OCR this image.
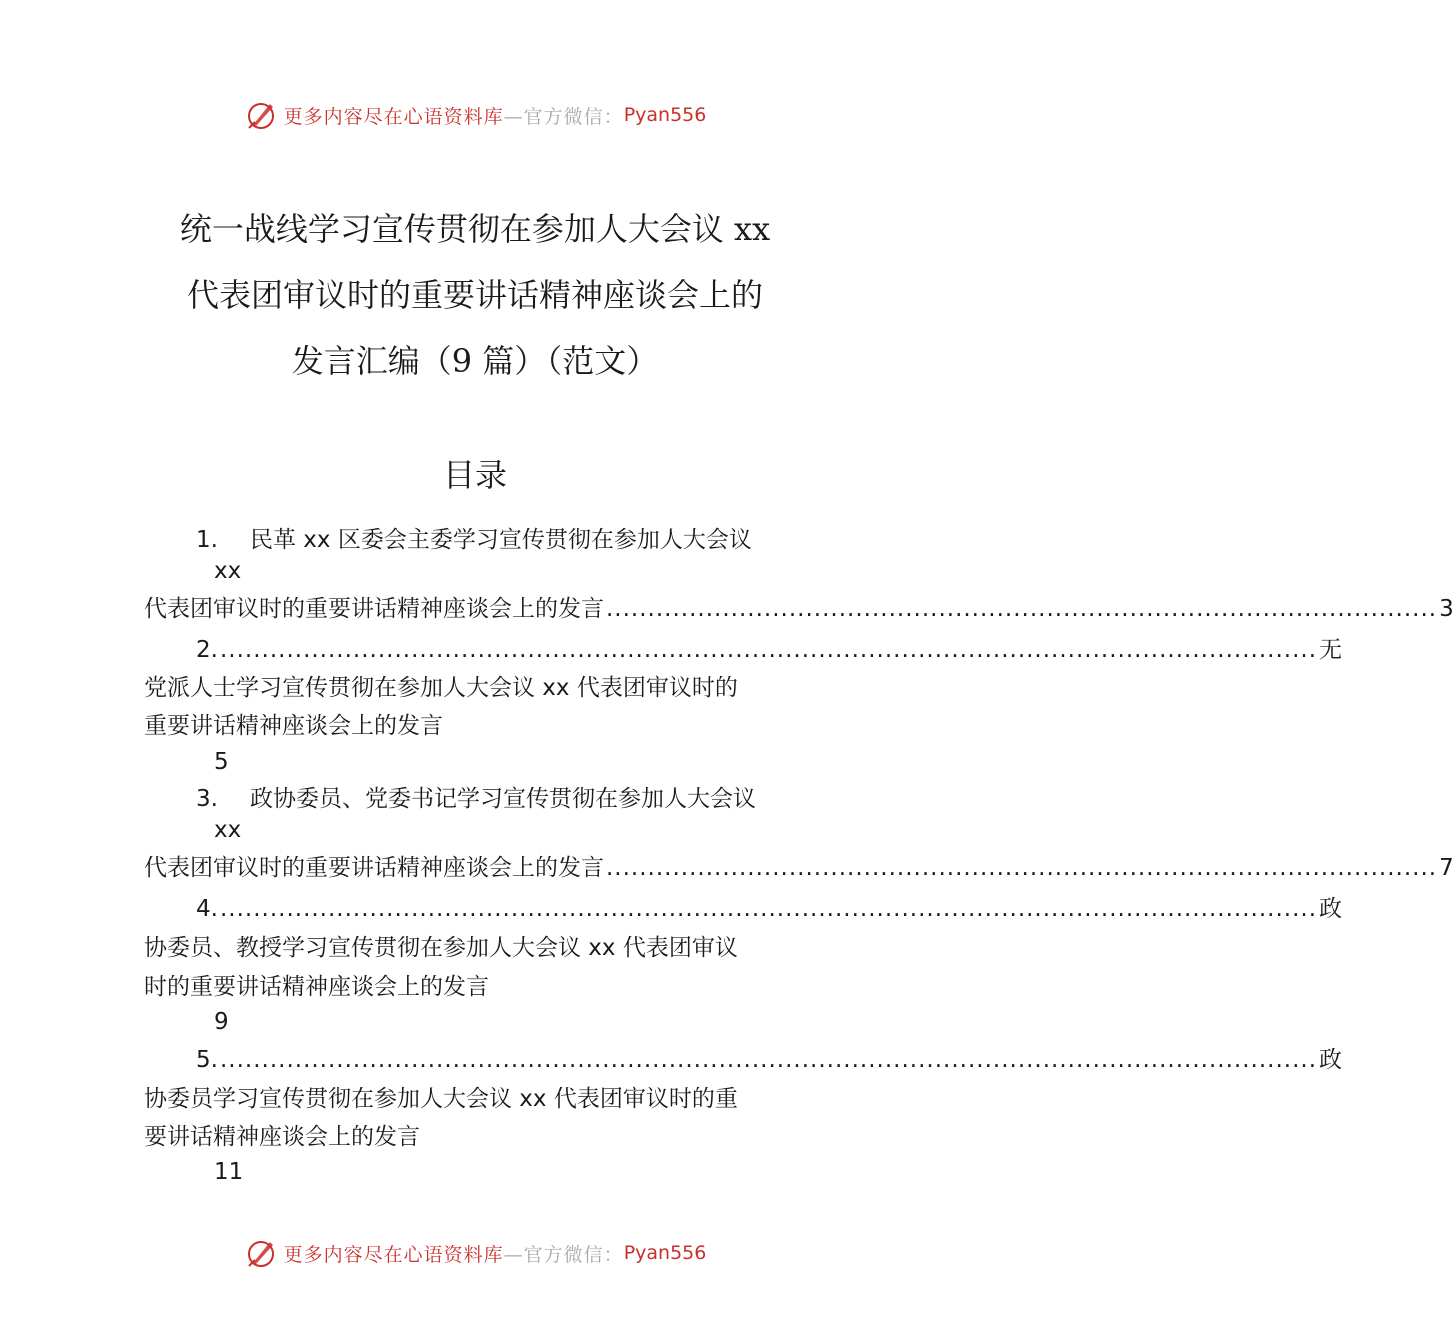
更多内容尽在心语资料库 —官方微信： Pyan556
统一战线学习宣传贯彻在参加人大会议 xx
代表团审议时的重要讲话精神座谈会上的
发言汇编（9 篇）（范文）
目录
1. 民革 xx 区委会主委学习宣传贯彻在参加人大会议
xx
代表团审议时的重要讲话精神座谈会上的发言 .................................................................................................... 3
2. .................................................................................................................................... 无
党派人士学习宣传贯彻在参加人大会议 xx 代表团审议时的
重要讲话精神座谈会上的发言
5
3. 政协委员、党委书记学习宣传贯彻在参加人大会议
xx
代表团审议时的重要讲话精神座谈会上的发言 .................................................................................................... 7
4. .................................................................................................................................... 政
协委员、教授学习宣传贯彻在参加人大会议 xx 代表团审议
时的重要讲话精神座谈会上的发言
9
5. .................................................................................................................................... 政
协委员学习宣传贯彻在参加人大会议 xx 代表团审议时的重
要讲话精神座谈会上的发言
11
更多内容尽在心语资料库 —官方微信： Pyan556
